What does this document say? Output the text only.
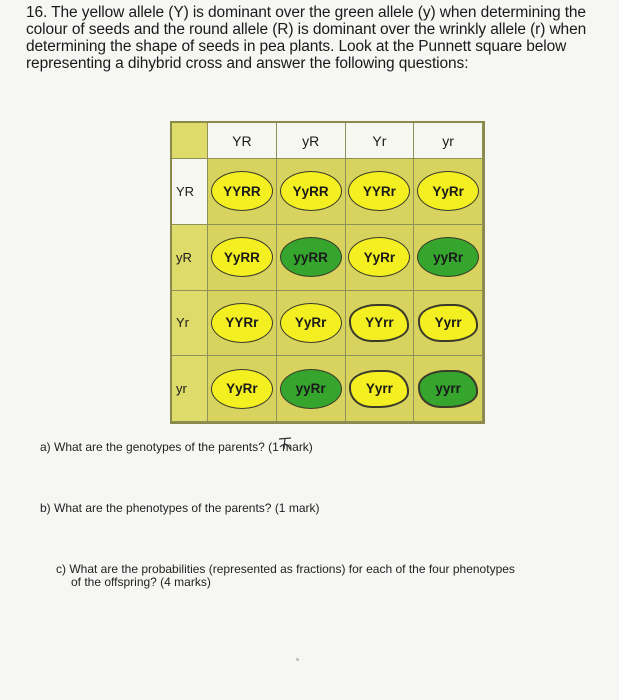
16. The yellow allele (Y) is dominant over the green allele (y) when determining the colour of seeds and the round allele (R) is dominant over the wrinkly allele (r) when determining the shape of seeds in pea plants. Look at the Punnett square below representing a dihybrid cross and answer the following questions:
YR	yR	Yr	yr
YR	YYRR	YyRR	YYRr	YyRr
yR	YyRR	yyRR	YyRr	yyRr
Yr	YYRr	YyRr	YYrr	Yyrr
yr	YyRr	yyRr	Yyrr	yyrr
a) What are the genotypes of the parents? (1 mark)
b) What are the phenotypes of the parents? (1 mark)
c) What are the probabilities (represented as fractions) for each of the four phenotypes
of the offspring? (4 marks)
